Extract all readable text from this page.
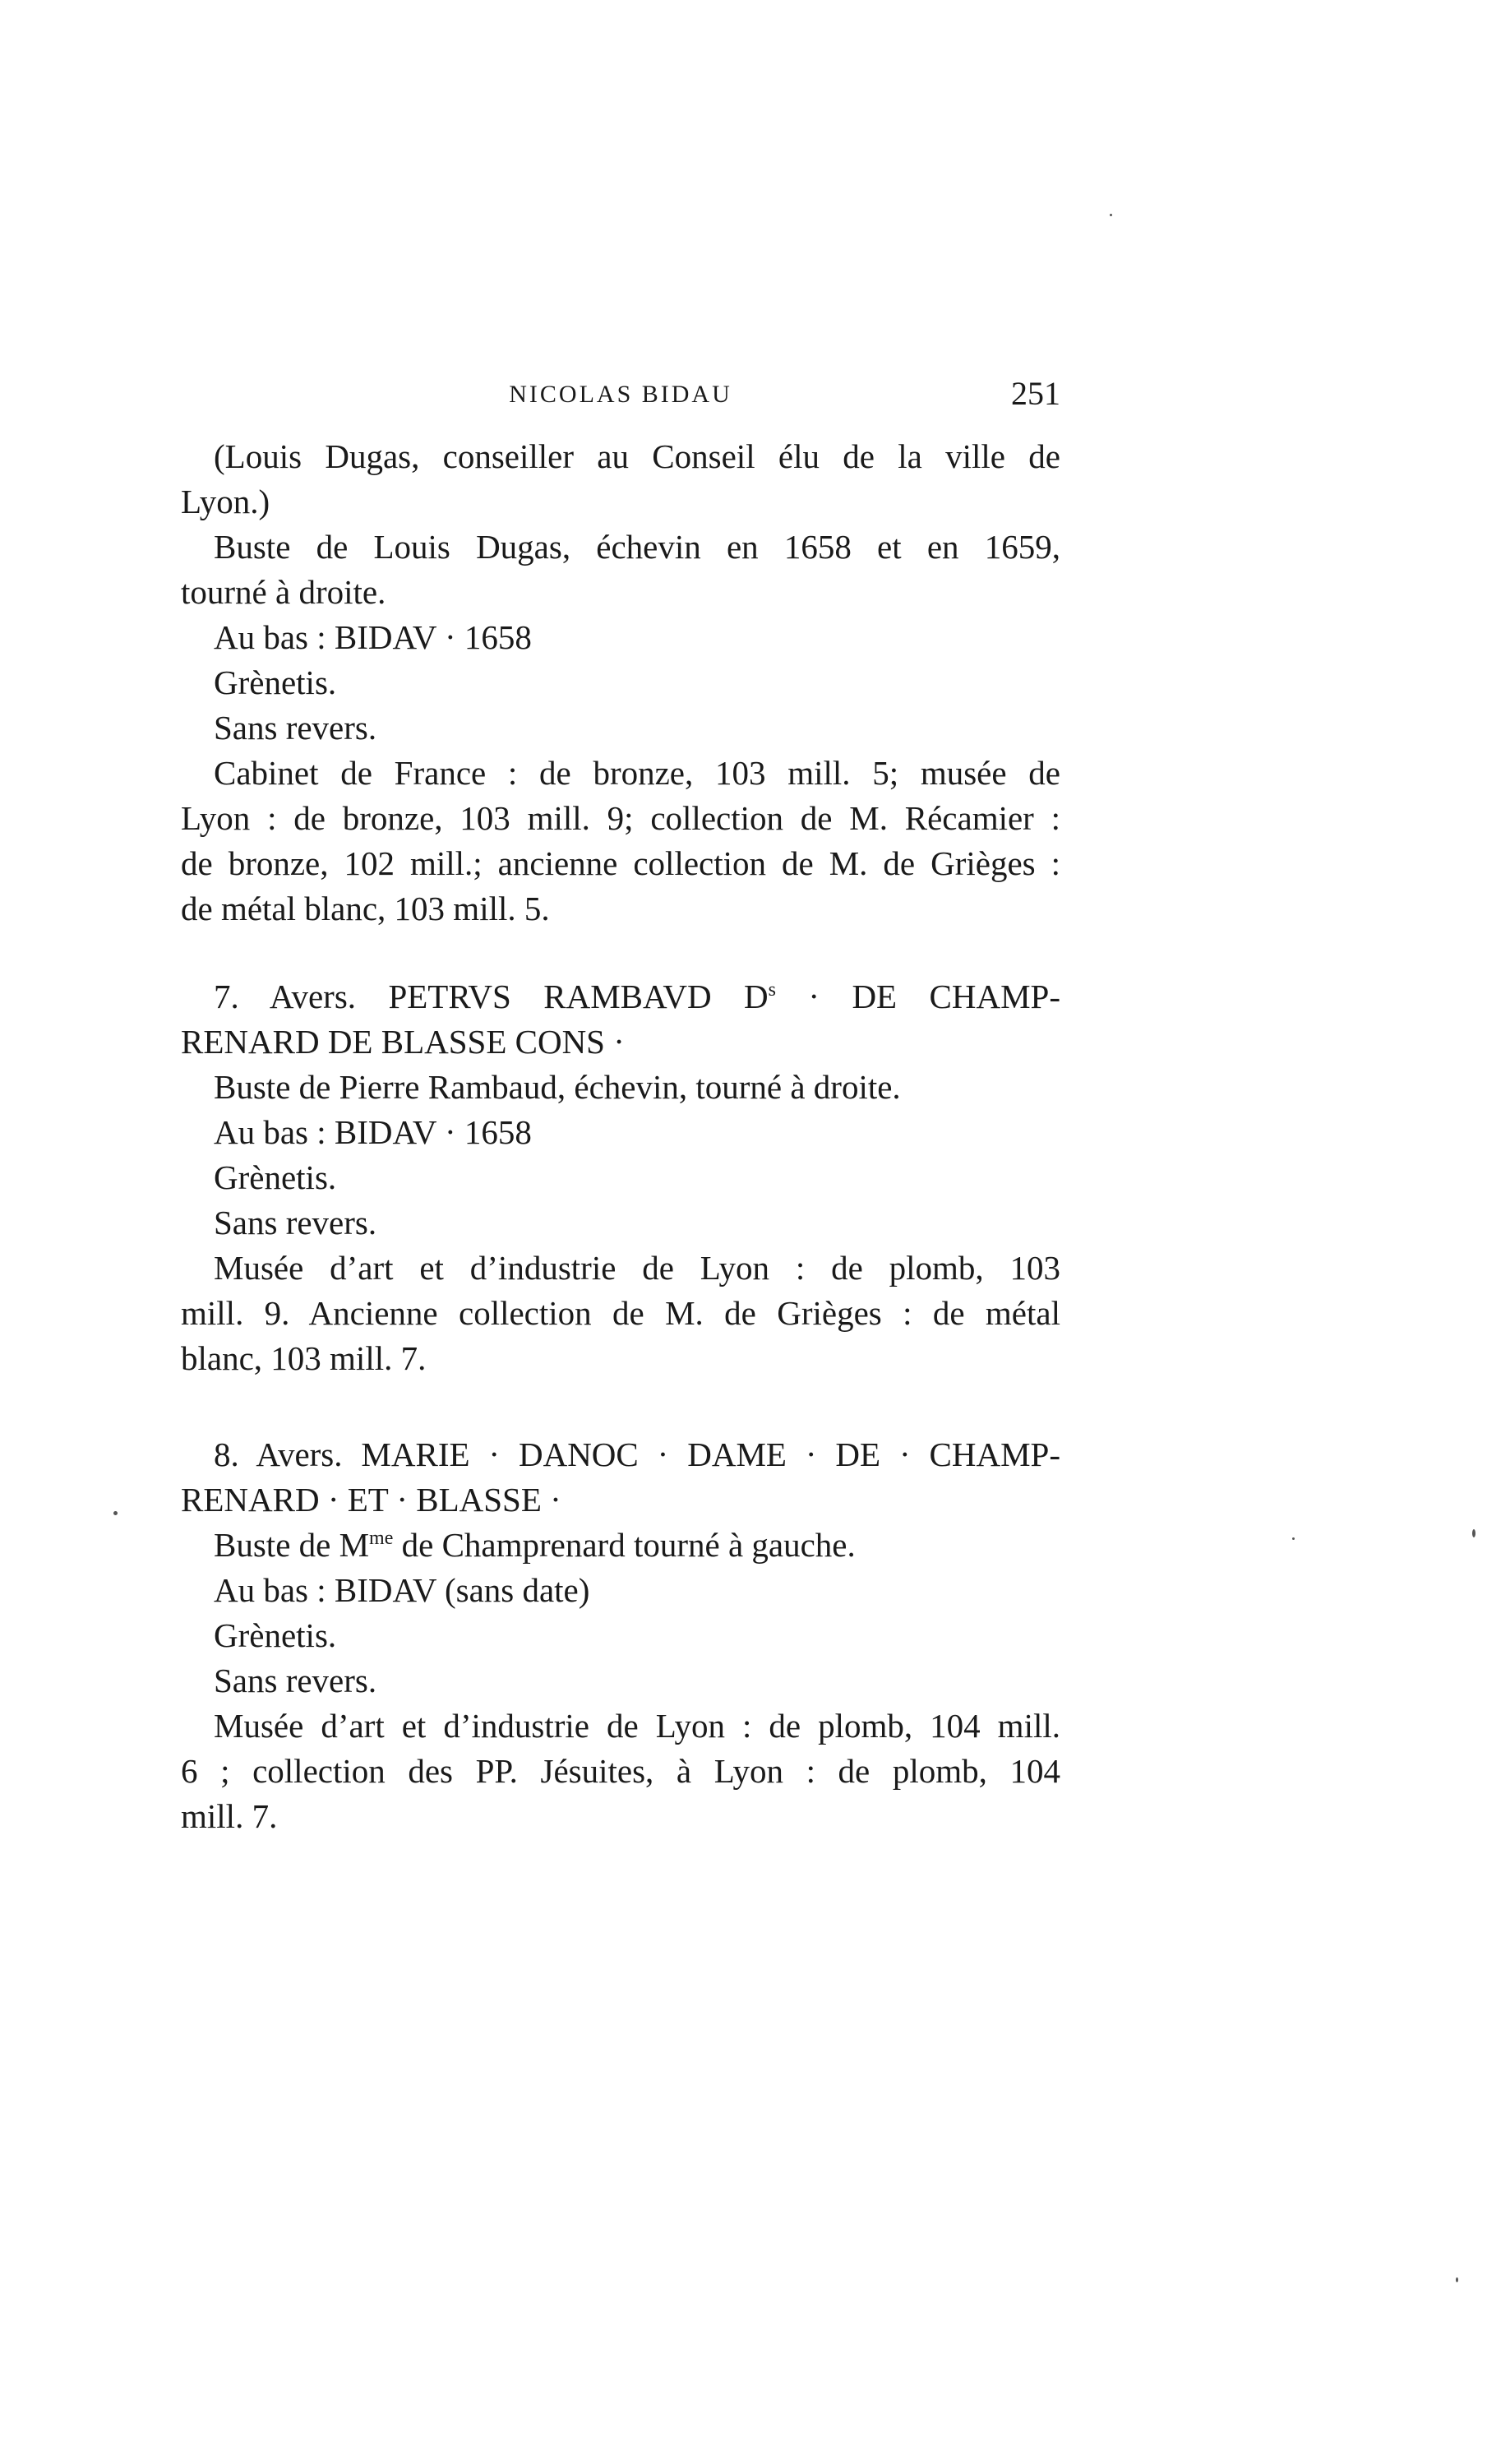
NICOLAS BIDAU	251
(Louis Dugas, conseiller au Conseil élu de la ville de
Lyon.)
Buste de Louis Dugas, échevin en 1658 et en 1659,
tourné à droite.
Au bas : BIDAV · 1658
Grènetis.
Sans revers.
Cabinet de France : de bronze, 103 mill. 5; musée de
Lyon : de bronze, 103 mill. 9; collection de M. Récamier :
de bronze, 102 mill.; ancienne collection de M. de Grièges :
de métal blanc, 103 mill. 5.
7. Avers. PETRVS RAMBAVD $D^s$ · DE CHAMP-
RENARD DE BLASSE CONS ·
Buste de Pierre Rambaud, échevin, tourné à droite.
Au bas : BIDAV · 1658
Grènetis.
Sans revers.
Musée d’art et d’industrie de Lyon : de plomb, 103
mill. 9. Ancienne collection de M. de Grièges : de métal
blanc, 103 mill. 7.
8. Avers. MARIE · DANOC · DAME · DE · CHAMP-
RENARD · ET · BLASSE ·
Buste de $M^{me}$ de Champrenard tourné à gauche.
Au bas : BIDAV (sans date)
Grènetis.
Sans revers.
Musée d’art et d’industrie de Lyon : de plomb, 104 mill.
6 ; collection des PP. Jésuites, à Lyon : de plomb, 104
mill. 7.
